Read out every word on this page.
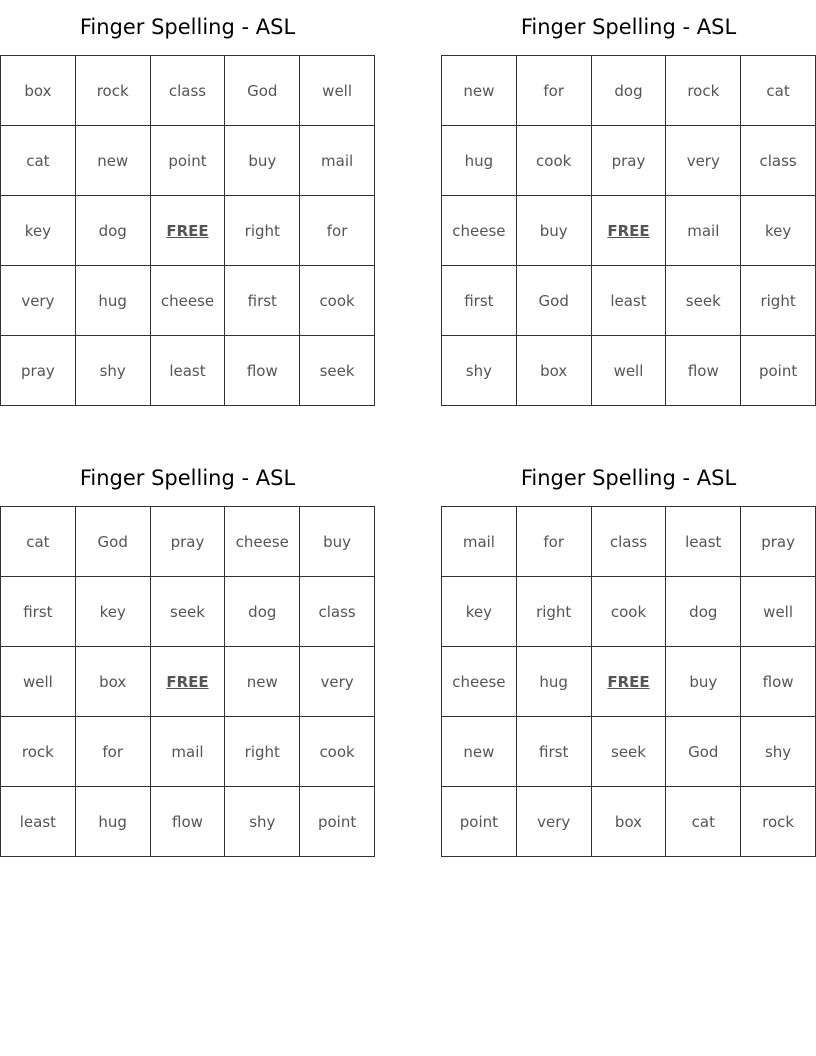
Finger Spelling - ASL
box	rock	class	God	well
cat	new	point	buy	mail
key	dog	FREE	right	for
very	hug	cheese	first	cook
pray	shy	least	flow	seek
Finger Spelling - ASL
new	for	dog	rock	cat
hug	cook	pray	very	class
cheese	buy	FREE	mail	key
first	God	least	seek	right
shy	box	well	flow	point
Finger Spelling - ASL
cat	God	pray	cheese	buy
first	key	seek	dog	class
well	box	FREE	new	very
rock	for	mail	right	cook
least	hug	flow	shy	point
Finger Spelling - ASL
mail	for	class	least	pray
key	right	cook	dog	well
cheese	hug	FREE	buy	flow
new	first	seek	God	shy
point	very	box	cat	rock
